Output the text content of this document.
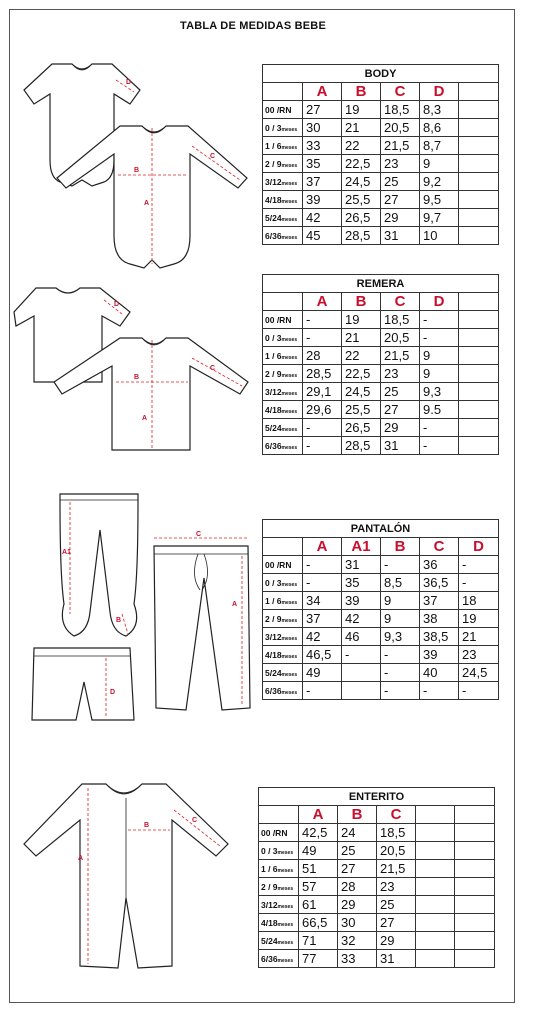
TABLA DE MEDIDAS BEBE
D
A
B
C
D
A
B
C
A1
B
C
A
D
A
B
C
BODY					
	A	B	C	D	
00 /RN	27	19	18,5	8,3	
0 / 3meses	30	21	20,5	8,6	
1 / 6meses	33	22	21,5	8,7	
2 / 9meses	35	22,5	23	9	
3/12meses	37	24,5	25	9,2	
4/18meses	39	25,5	27	9,5	
5/24meses	42	26,5	29	9,7	
6/36meses	45	28,5	31	10	
REMERA					
	A	B	C	D	
00 /RN	-	19	18,5	-	
0 / 3meses	-	21	20,5	-	
1 / 6meses	28	22	21,5	9	
2 / 9meses	28,5	22,5	23	9	
3/12meses	29,1	24,5	25	9,3	
4/18meses	29,6	25,5	27	9.5	
5/24meses	-	26,5	29	-	
6/36meses	-	28,5	31	-	
PANTALÓN					
	A	A1	B	C	D
00 /RN	-	31	-	36	-
0 / 3meses	-	35	8,5	36,5	-
1 / 6meses	34	39	9	37	18
2 / 9meses	37	42	9	38	19
3/12meses	42	46	9,3	38,5	21
4/18meses	46,5	-	-	39	23
5/24meses	49		-	40	24,5
6/36meses	-		-	-	-
ENTERITO					
	A	B	C		
00 /RN	42,5	24	18,5		
0 / 3meses	49	25	20,5		
1 / 6meses	51	27	21,5		
2 / 9meses	57	28	23		
3/12meses	61	29	25		
4/18meses	66,5	30	27		
5/24meses	71	32	29		
6/36meses	77	33	31		
